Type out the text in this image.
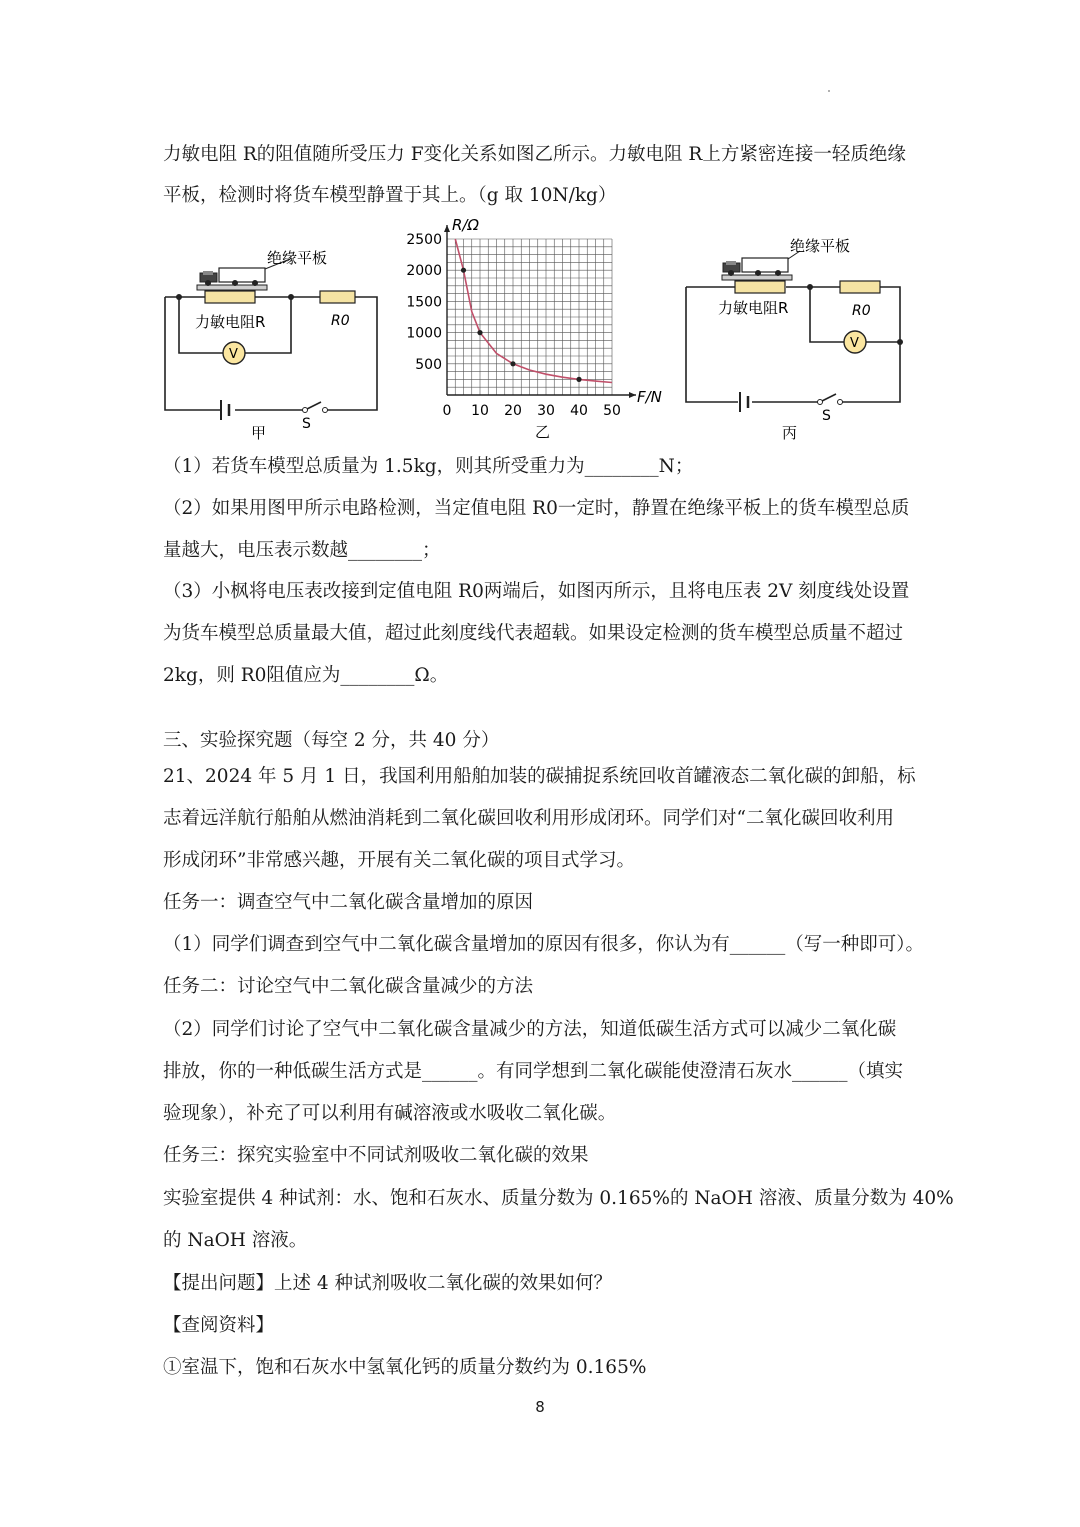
力敏电阻 R的阻值随所受压力 F变化关系如图乙所示。力敏电阻 R上方紧密连接一轻质绝缘
平板，检测时将货车模型静置于其上。（g 取 10N/kg）
绝缘平板
力敏电阻R	R0
V
S
甲
0 10 20 30 40 50
500
1000
1500
2000
2500
R/Ω
F/N
乙
绝缘平板
力敏电阻R	R0
V
S
丙
（1）若货车模型总质量为 1.5kg，则其所受重力为________N；
（2）如果用图甲所示电路检测，当定值电阻 R0一定时，静置在绝缘平板上的货车模型总质
量越大，电压表示数越________；
（3）小枫将电压表改接到定值电阻 R0两端后，如图丙所示，且将电压表 2V 刻度线处设置
为货车模型总质量最大值，超过此刻度线代表超载。如果设定检测的货车模型总质量不超过
2kg，则 R0阻值应为________Ω。
三、实验探究题（每空 2 分，共 40 分）
21、2024 年 5 月 1 日，我国利用船舶加装的碳捕捉系统回收首罐液态二氧化碳的卸船，标
志着远洋航行船舶从燃油消耗到二氧化碳回收利用形成闭环。同学们对“二氧化碳回收利用
形成闭环”非常感兴趣，开展有关二氧化碳的项目式学习。
任务一：调查空气中二氧化碳含量增加的原因
（1）同学们调查到空气中二氧化碳含量增加的原因有很多，你认为有______（写一种即可）。
任务二：讨论空气中二氧化碳含量减少的方法
（2）同学们讨论了空气中二氧化碳含量减少的方法，知道低碳生活方式可以减少二氧化碳
排放，你的一种低碳生活方式是______。有同学想到二氧化碳能使澄清石灰水______（填实
验现象），补充了可以利用有碱溶液或水吸收二氧化碳。
任务三：探究实验室中不同试剂吸收二氧化碳的效果
实验室提供 4 种试剂：水、饱和石灰水、质量分数为 0.165%的 NaOH 溶液、质量分数为 40%
的 NaOH 溶液。
【提出问题】上述 4 种试剂吸收二氧化碳的效果如何？
【查阅资料】
①室温下，饱和石灰水中氢氧化钙的质量分数约为 0.165%
8
